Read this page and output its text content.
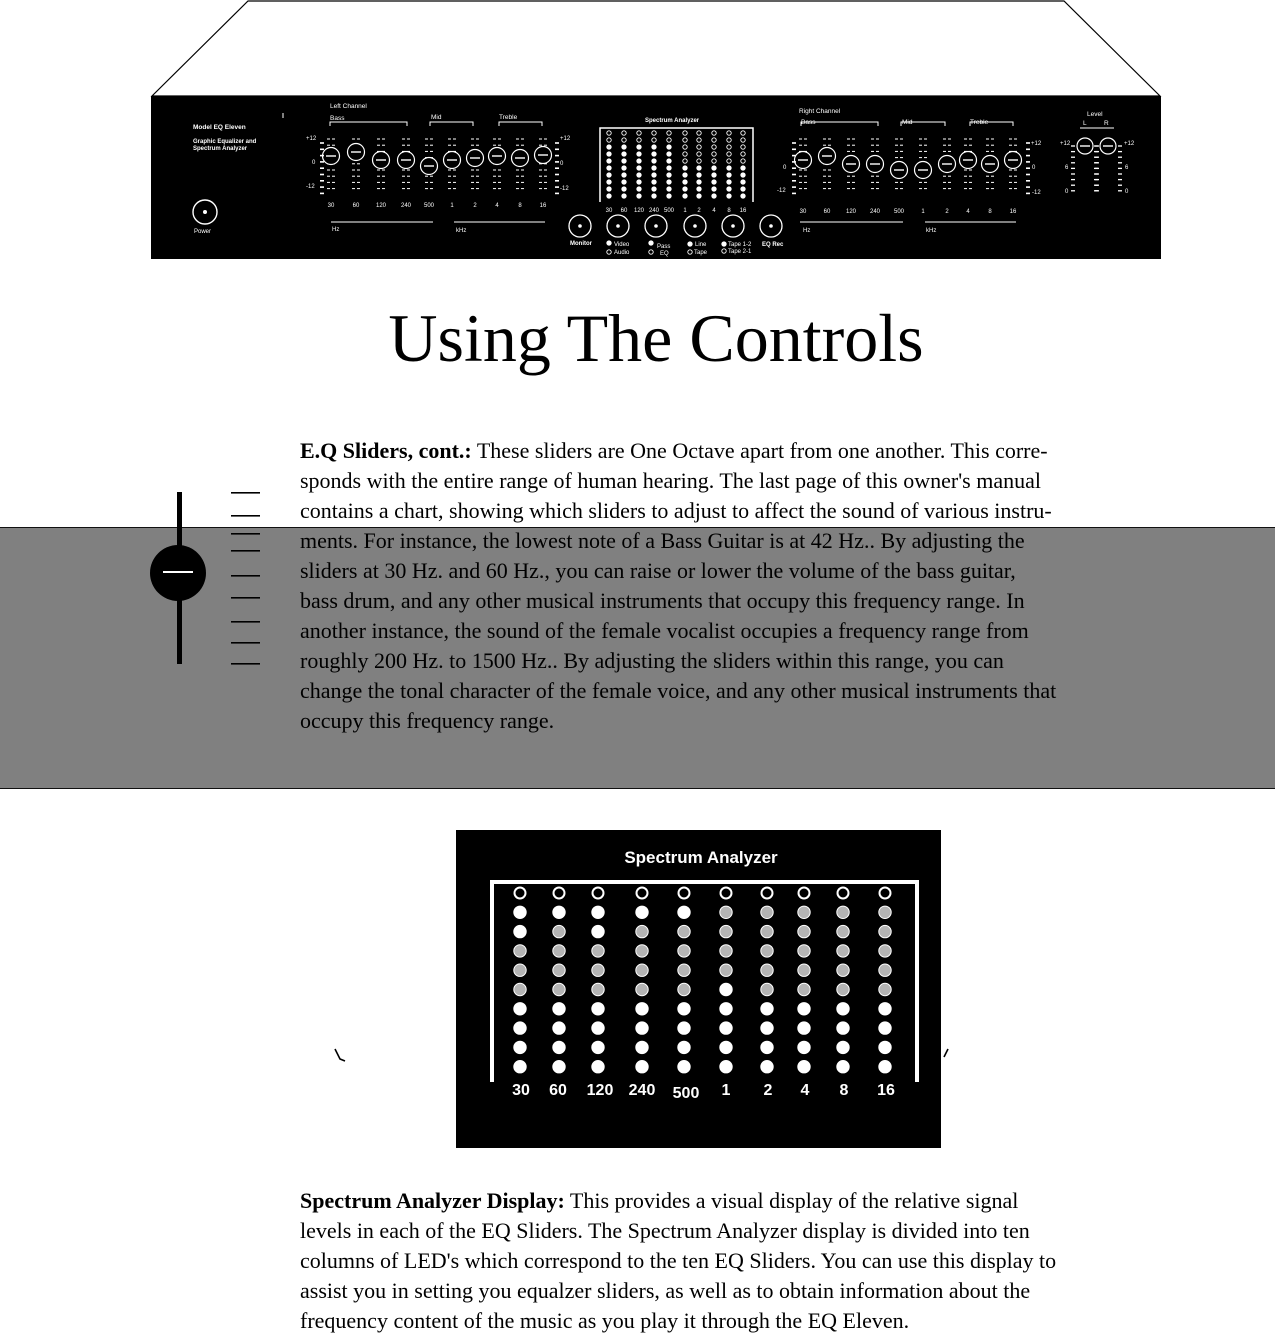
Model EQ Eleven
Graphic Equalizer and
Spectrum Analyzer
Power
Left Channel
Bass	Mid	Treble
Right Channel
Bass	Mid	Treble
Level
L	R
Spectrum Analyzer
Hz	kHz	Hz	kHz
+12
0
-12
+12
0
-12
0
-12
+12
0
-12
+12
6
0
+12
6
0
Monitor	Video
Audio
Pass
EQ
Line
Tape
Tape 1-2
Tape 2-1
EQ Rec
30	60	120 240 500	1	2	4	8	16
30	60	120 240 500	1	2	4	8	16
30 60 120 240 500 1 2 4 8 16
Using The Controls
E.Q Sliders, cont.: These sliders are One Octave apart from one another. This corre-
sponds with the entire range of human hearing. The last page of this owner's manual
contains a chart, showing which sliders to adjust to affect the sound of various instru-
ments. For instance, the lowest note of a Bass Guitar is at 42 Hz.. By adjusting the
sliders at 30 Hz. and 60 Hz., you can raise or lower the volume of the bass guitar,
bass drum, and any other musical instruments that occupy this frequency range. In
another instance, the sound of the female vocalist occupies a frequency range from
roughly 200 Hz. to 1500 Hz.. By adjusting the sliders within this range, you can
change the tonal character of the female voice, and any other musical instruments that
occupy this frequency range.
Spectrum Analyzer
30 60 120 240 500 1 2 4 8 16
Spectrum Analyzer Display: This provides a visual display of the relative signal
levels in each of the EQ Sliders. The Spectrum Analyzer display is divided into ten
columns of LED's which correspond to the ten EQ Sliders. You can use this display to
assist you in setting you equalzer sliders, as well as to obtain information about the
frequency content of the music as you play it through the EQ Eleven.
